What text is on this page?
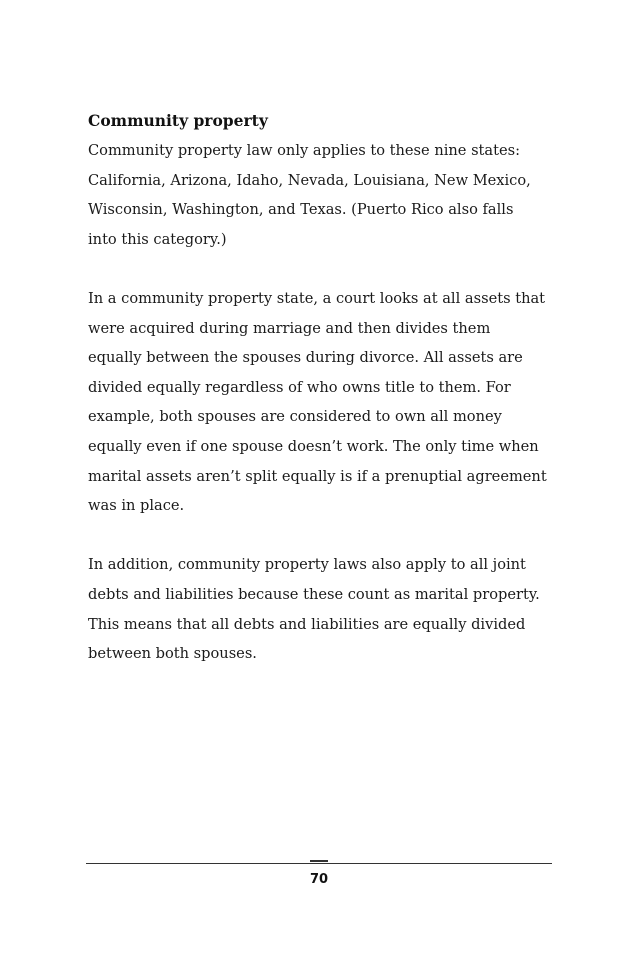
Community property

Community property law only applies to these nine states:
California, Arizona, Idaho, Nevada, Louisiana, New Mexico,
Wisconsin, Washington, and Texas. (Puerto Rico also falls
into this category.)

In a community property state, a court looks at all assets that
were acquired during marriage and then divides them
equally between the spouses during divorce. All assets are
divided equally regardless of who owns title to them. For
example, both spouses are considered to own all money
equally even if one spouse doesn’t work. The only time when
marital assets aren’t split equally is if a prenuptial agreement
was in place.

In addition, community property laws also apply to all joint
debts and liabilities because these count as marital property.
This means that all debts and liabilities are equally divided
between both spouses.

70
